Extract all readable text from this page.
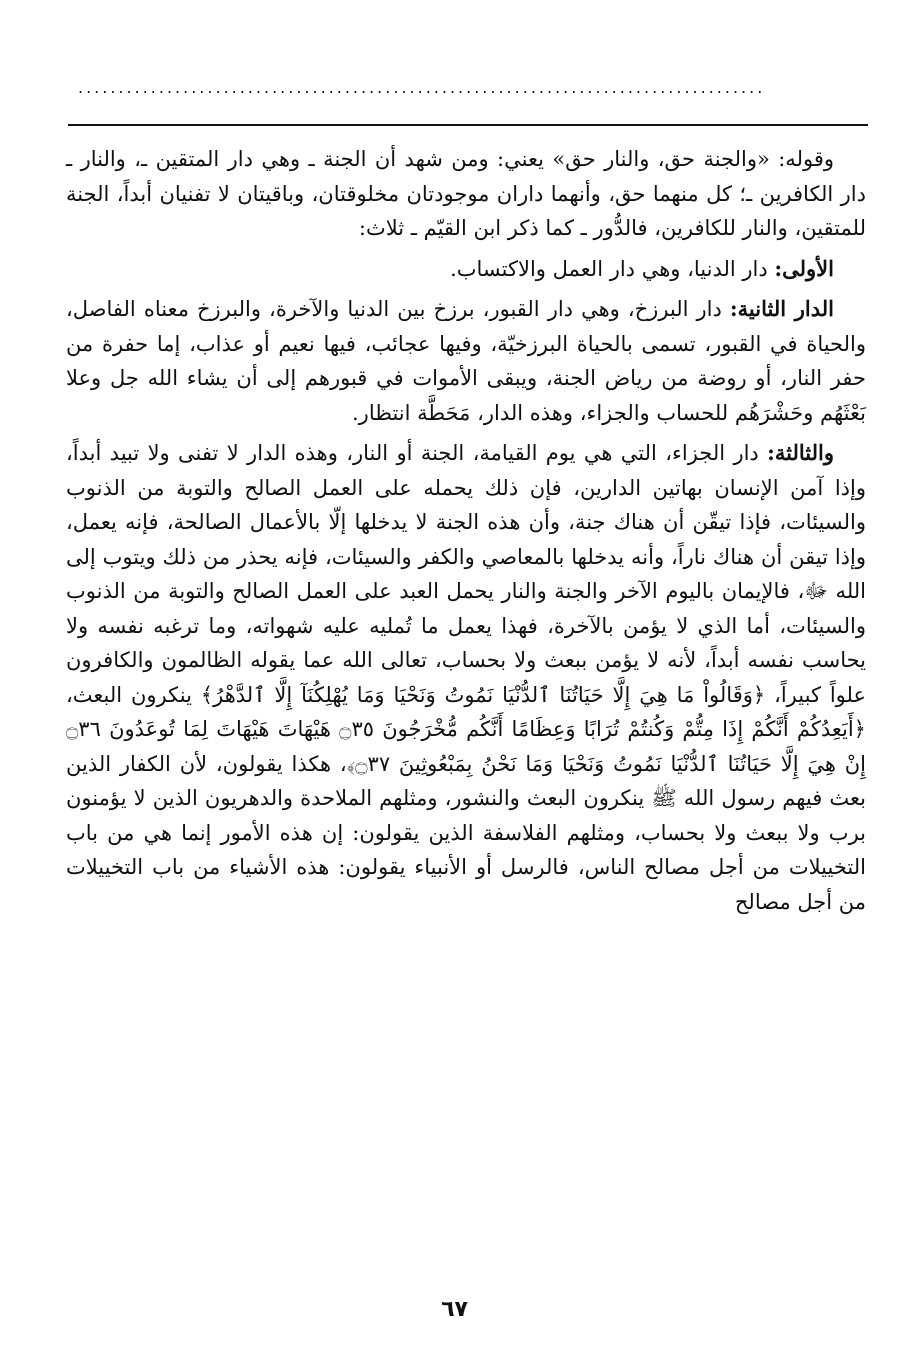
.....................................................................................

وقوله: «والجنة حق، والنار حق» يعني: ومن شهد أن الجنة ـ وهي دار المتقين ـ، والنار ـ دار الكافرين ـ؛ كل منهما حق، وأنهما داران موجودتان مخلوقتان، وباقيتان لا تفنيان أبداً، الجنة للمتقين، والنار للكافرين، فالدُّور ـ كما ذكر ابن القيّم ـ ثلاث:

الأولى: دار الدنيا، وهي دار العمل والاكتساب.

الدار الثانية: دار البرزخ، وهي دار القبور، برزخ بين الدنيا والآخرة، والبرزخ معناه الفاصل، والحياة في القبور، تسمى بالحياة البرزخيّة، وفيها عجائب، فيها نعيم أو عذاب، إما حفرة من حفر النار، أو روضة من رياض الجنة، ويبقى الأموات في قبورهم إلى أن يشاء الله جل وعلا بَعْثَهُم وحَشْرَهُم للحساب والجزاء، وهذه الدار، مَحَطَّة انتظار.

والثالثة: دار الجزاء، التي هي يوم القيامة، الجنة أو النار، وهذه الدار لا تفنى ولا تبيد أبداً، وإذا آمن الإنسان بهاتين الدارين، فإن ذلك يحمله على العمل الصالح والتوبة من الذنوب والسيئات، فإذا تيقّن أن هناك جنة، وأن هذه الجنة لا يدخلها إلّا بالأعمال الصالحة، فإنه يعمل، وإذا تيقن أن هناك ناراً، وأنه يدخلها بالمعاصي والكفر والسيئات، فإنه يحذر من ذلك ويتوب إلى الله ﷻ، فالإيمان باليوم الآخر والجنة والنار يحمل العبد على العمل الصالح والتوبة من الذنوب والسيئات، أما الذي لا يؤمن بالآخرة، فهذا يعمل ما تُمليه عليه شهواته، وما ترغبه نفسه ولا يحاسب نفسه أبداً، لأنه لا يؤمن ببعث ولا بحساب، تعالى الله عما يقوله الظالمون والكافرون علواً كبيراً، ﴿وَقَالُواْ مَا هِيَ إِلَّا حَيَاتُنَا ٱلدُّنْيَا نَمُوتُ وَنَحْيَا وَمَا يُهْلِكُنَآ إِلَّا ٱلدَّهْرُ﴾ ينكرون البعث، ﴿أَيَعِدُكُمْ أَنَّكُمْ إِذَا مِتُّمْ وَكُنتُمْ تُرَابًا وَعِظَامًا أَنَّكُم مُّخْرَجُونَ ۝٣٥ هَيْهَاتَ هَيْهَاتَ لِمَا تُوعَدُونَ ۝٣٦ إِنْ هِيَ إِلَّا حَيَاتُنَا ٱلدُّنْيَا نَمُوتُ وَنَحْيَا وَمَا نَحْنُ بِمَبْعُوثِينَ ۝٣٧﴾، هكذا يقولون، لأن الكفار الذين بعث فيهم رسول الله ﷺ ينكرون البعث والنشور، ومثلهم الملاحدة والدهريون الذين لا يؤمنون برب ولا ببعث ولا بحساب، ومثلهم الفلاسفة الذين يقولون: إن هذه الأمور إنما هي من باب التخييلات من أجل مصالح الناس، فالرسل أو الأنبياء يقولون: هذه الأشياء من باب التخييلات من أجل مصالح

٦٧
